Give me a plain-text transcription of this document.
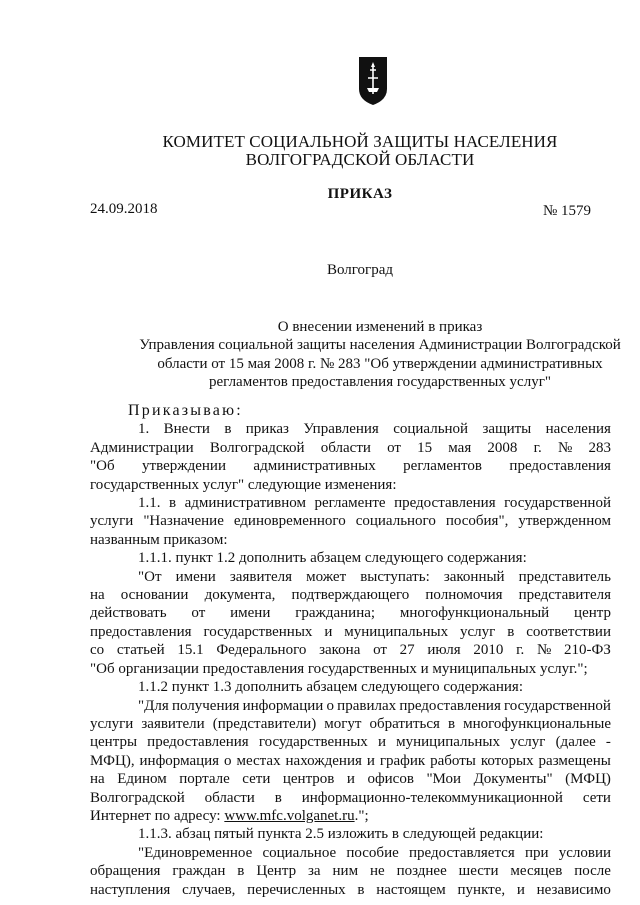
КОМИТЕТ СОЦИАЛЬНОЙ ЗАЩИТЫ НАСЕЛЕНИЯ
ВОЛГОГРАДСКОЙ ОБЛАСТИ
ПРИКАЗ
24.09.2018	№ 1579
Волгоград
О внесении изменений в приказ
Управления социальной защиты населения Администрации Волгоградской
области от 15 мая 2008 г. № 283 "Об утверждении административных
регламентов предоставления государственных услуг"
Приказываю:
1. Внести в приказ Управления социальной защиты населения
Администрации Волгоградской области от 15 мая 2008 г. № 283
"Об утверждении административных регламентов предоставления
государственных услуг" следующие изменения:
1.1. в административном регламенте предоставления государственной
услуги "Назначение единовременного социального пособия", утвержденном
названным приказом:
1.1.1. пункт 1.2 дополнить абзацем следующего содержания:
"От имени заявителя может выступать: законный представитель
на основании документа, подтверждающего полномочия представителя
действовать от имени гражданина; многофункциональный центр
предоставления государственных и муниципальных услуг в соответствии
со статьей 15.1 Федерального закона от 27 июля 2010 г. № 210-ФЗ
"Об организации предоставления государственных и муниципальных услуг.";
1.1.2 пункт 1.3 дополнить абзацем следующего содержания:
"Для получения информации о правилах предоставления государственной
услуги заявители (представители) могут обратиться в многофункциональные
центры предоставления государственных и муниципальных услуг (далее -
МФЦ), информация о местах нахождения и график работы которых размещены
на Едином портале сети центров и офисов "Мои Документы" (МФЦ)
Волгоградской области в информационно-телекоммуникационной сети
Интернет по адресу: www.mfc.volganet.ru.";
1.1.3. абзац пятый пункта 2.5 изложить в следующей редакции:
"Единовременное социальное пособие предоставляется при условии
обращения граждан в Центр за ним не позднее шести месяцев после
наступления случаев, перечисленных в настоящем пункте, и независимо
